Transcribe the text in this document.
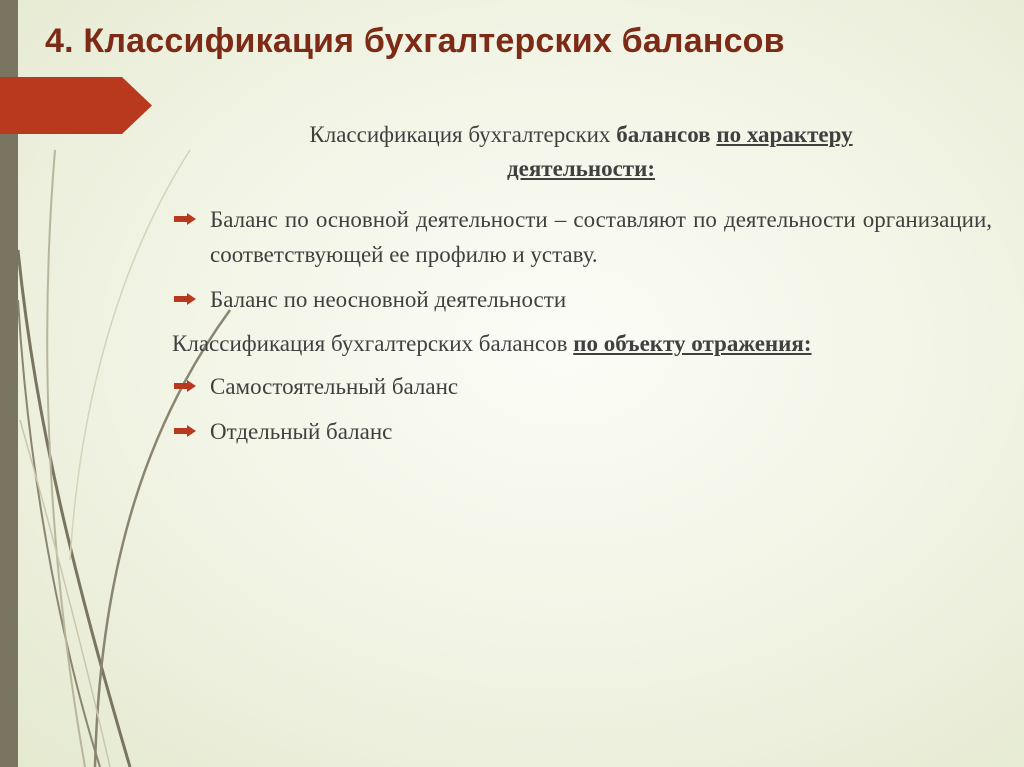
4. Классификация бухгалтерских балансов
Классификация бухгалтерских балансов по характеру деятельности:
Баланс по основной деятельности – составляют по деятельности организации, соответствующей ее профилю и уставу.
Баланс по неосновной деятельности
Классификация бухгалтерских балансов по объекту отражения:
Самостоятельный баланс
Отдельный баланс
